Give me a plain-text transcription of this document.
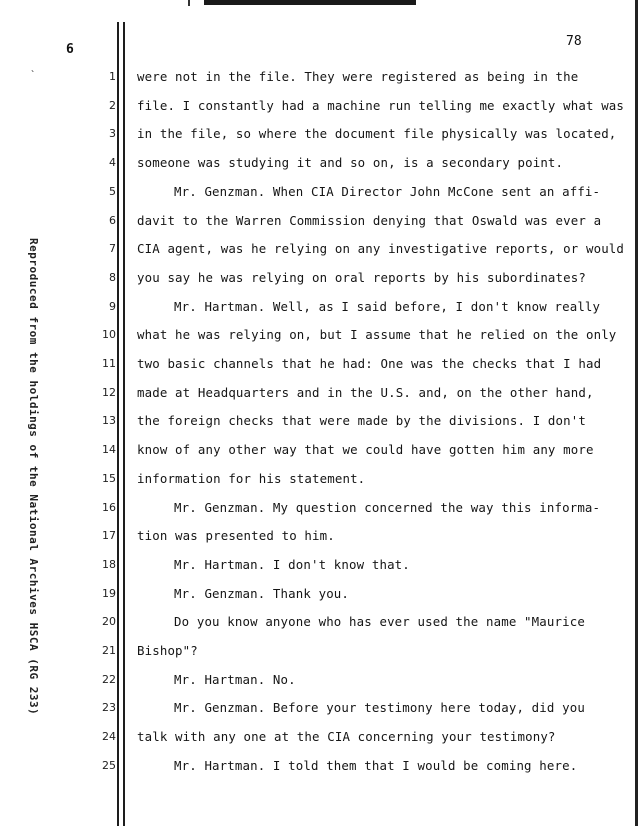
6
`
78
Reproduced from the holdings of the National Archives HSCA (RG 233)
1 were not in the file. They were registered as being in the
2 file. I constantly had a machine run telling me exactly what was
3 in the file, so where the document file physically was located,
4 someone was studying it and so on, is a secondary point.
5	Mr. Genzman. When CIA Director John McCone sent an affi-
6 davit to the Warren Commission denying that Oswald was ever a
7 CIA agent, was he relying on any investigative reports, or would
8 you say he was relying on oral reports by his subordinates?
9	Mr. Hartman. Well, as I said before, I don't know really
10 what he was relying on, but I assume that he relied on the only
11 two basic channels that he had: One was the checks that I had
12 made at Headquarters and in the U.S. and, on the other hand,
13 the foreign checks that were made by the divisions. I don't
14 know of any other way that we could have gotten him any more
15 information for his statement.
16	Mr. Genzman. My question concerned the way this informa-
17 tion was presented to him.
18	Mr. Hartman. I don't know that.
19	Mr. Genzman. Thank you.
20	Do you know anyone who has ever used the name "Maurice
21 Bishop"?
22	Mr. Hartman. No.
23	Mr. Genzman. Before your testimony here today, did you
24 talk with any one at the CIA concerning your testimony?
25	Mr. Hartman. I told them that I would be coming here.
